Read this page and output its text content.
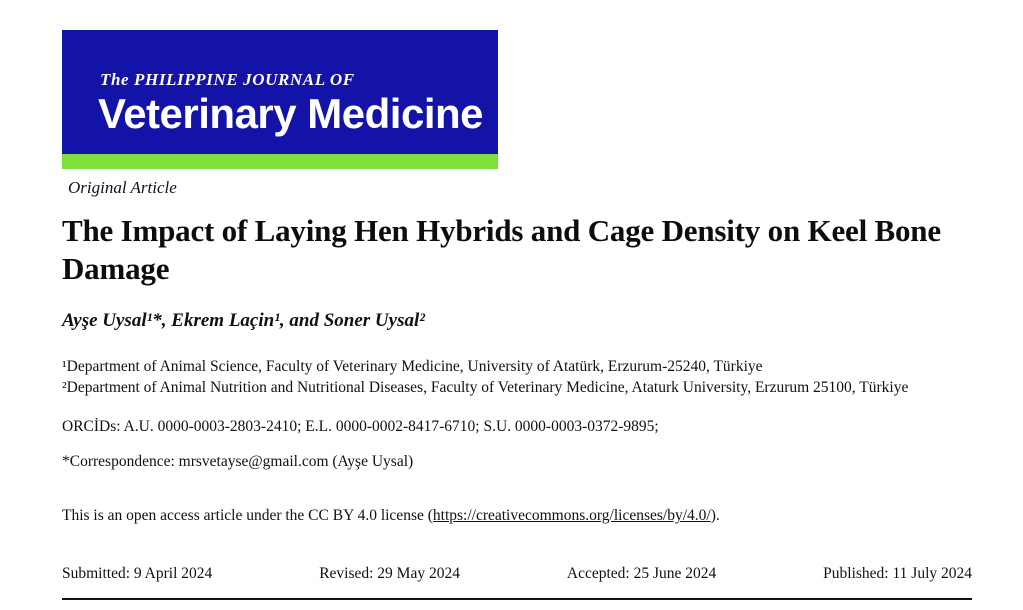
The PHILIPPINE JOURNAL OF
Veterinary Medicine
Original Article
The Impact of Laying Hen Hybrids and Cage Density on Keel Bone Damage
Ayşe Uysal¹*, Ekrem Laçin¹, and Soner Uysal²

¹Department of Animal Science, Faculty of Veterinary Medicine, University of Atatürk, Erzurum-25240, Türkiye

²Department of Animal Nutrition and Nutritional Diseases, Faculty of Veterinary Medicine, Ataturk University, Erzurum 25100, Türkiye

ORCİDs: A.U. 0000-0003-2803-2410; E.L. 0000-0002-8417-6710; S.U. 0000-0003-0372-9895;

*Correspondence: mrsvetayse@gmail.com (Ayşe Uysal)

This is an open access article under the CC BY 4.0 license (https://creativecommons.org/licenses/by/4.0/).

Submitted: 9 April 2024	Revised: 29 May 2024	Accepted: 25 June 2024	Published: 11 July 2024
